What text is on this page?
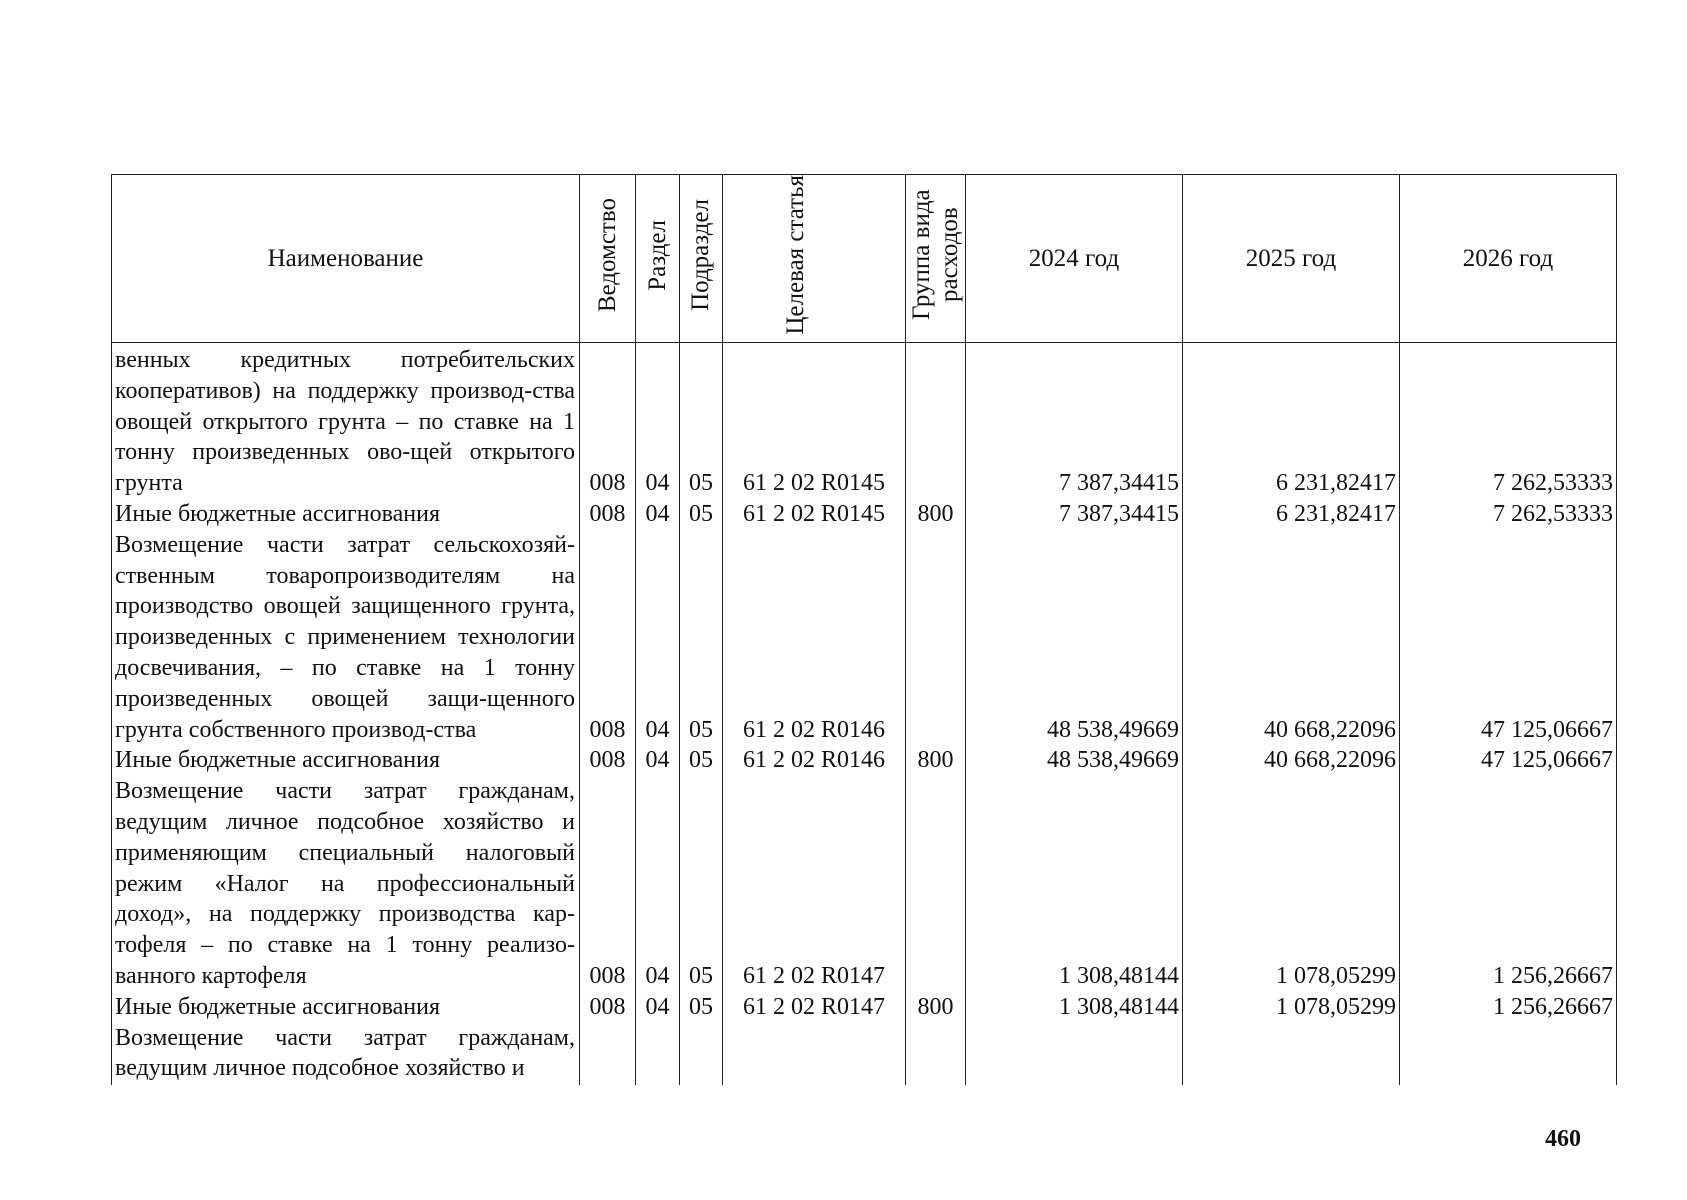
Наименование	Ведомство	Раздел	Подраздел	Целевая статья	Группа вида расходов	2024 год	2025 год	2026 год
венных кредитных потребительских кооперативов) на поддержку производ-ства овощей открытого грунта – по ставке на 1 тонну произведенных ово-щей открытого грунта	008	04	05	61 2 02 R0145		7 387,34415	6 231,82417	7 262,53333
Иные бюджетные ассигнования	008	04	05	61 2 02 R0145	800	7 387,34415	6 231,82417	7 262,53333
Возмещение части затрат сельскохозяй-ственным товаропроизводителям на производство овощей защищенного грунта, произведенных с применением технологии досвечивания, – по ставке на 1 тонну произведенных овощей защи-щенного грунта собственного производ-ства	008	04	05	61 2 02 R0146		48 538,49669	40 668,22096	47 125,06667
Иные бюджетные ассигнования	008	04	05	61 2 02 R0146	800	48 538,49669	40 668,22096	47 125,06667
Возмещение части затрат гражданам, ведущим личное подсобное хозяйство и применяющим специальный налоговый режим «Налог на профессиональный доход», на поддержку производства кар-тофеля – по ставке на 1 тонну реализо-ванного картофеля	008	04	05	61 2 02 R0147		1 308,48144	1 078,05299	1 256,26667
Иные бюджетные ассигнования	008	04	05	61 2 02 R0147	800	1 308,48144	1 078,05299	1 256,26667
Возмещение части затрат гражданам, ведущим личное подсобное хозяйство и								
460
